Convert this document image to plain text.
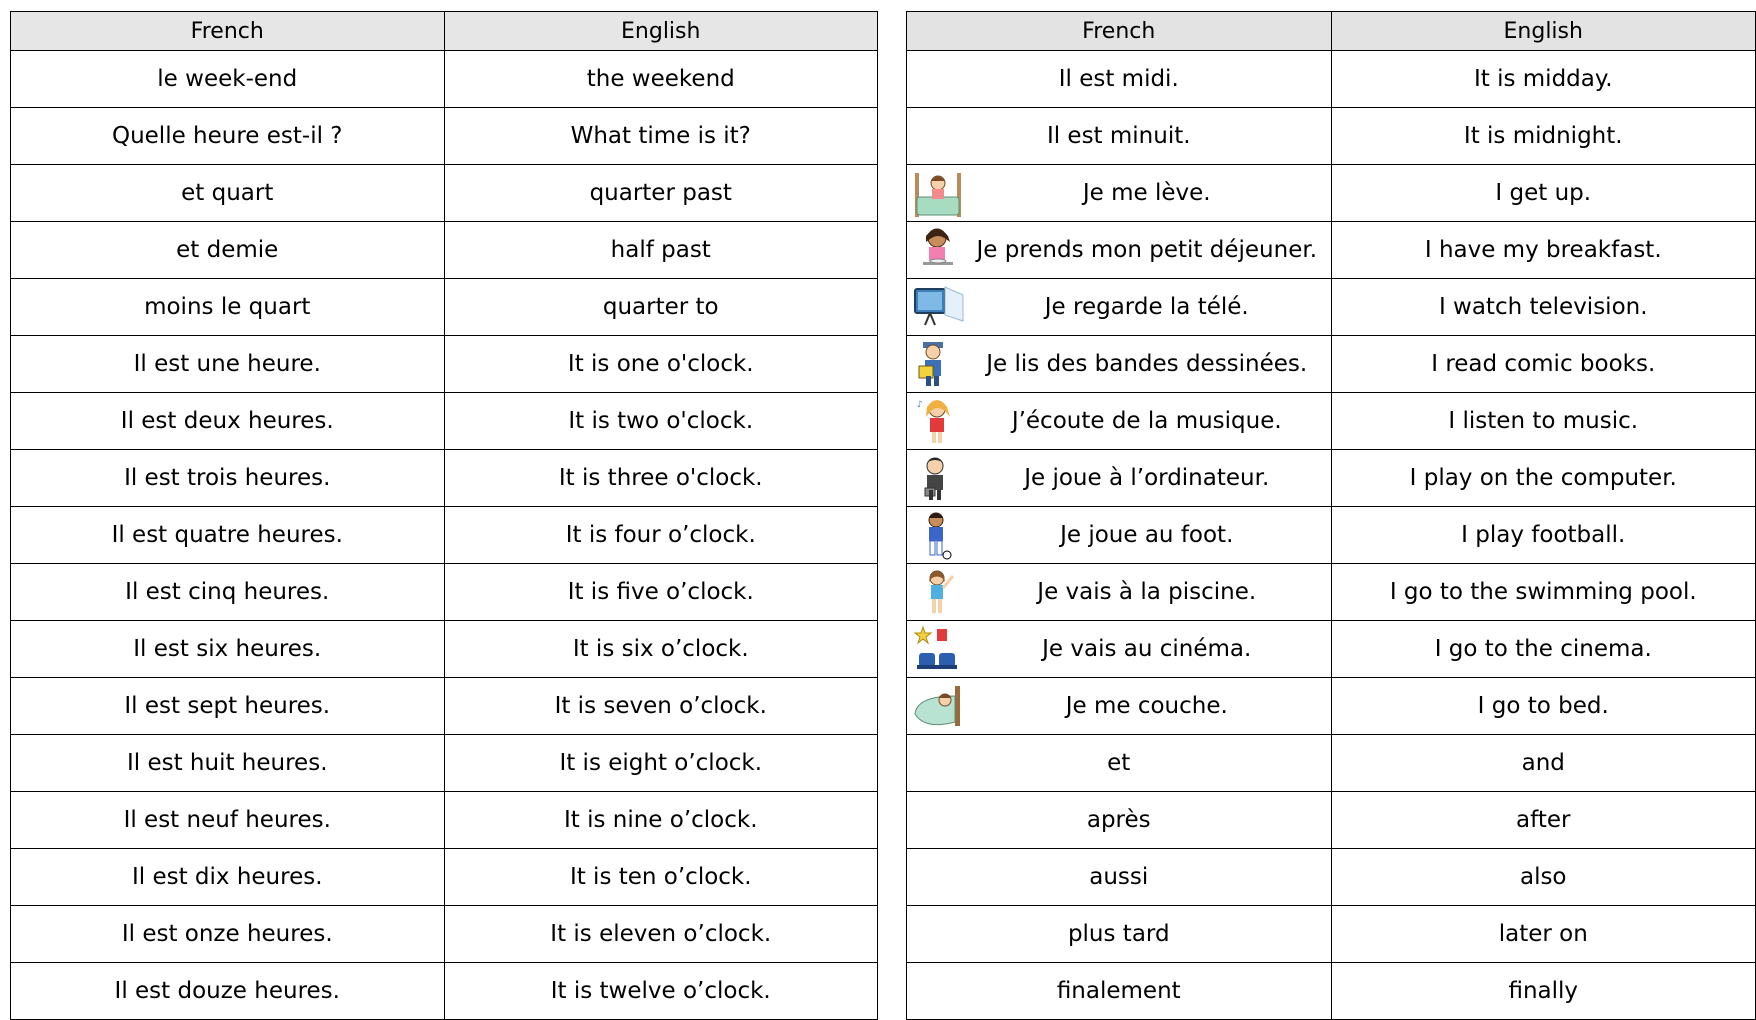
French	English
le week-end	the weekend
Quelle heure est-il ?	What time is it?
et quart	quarter past
et demie	half past
moins le quart	quarter to
Il est une heure.	It is one o'clock.
Il est deux heures.	It is two o'clock.
Il est trois heures.	It is three o'clock.
Il est quatre heures.	It is four o’clock.
Il est cinq heures.	It is five o’clock.
Il est six heures.	It is six o’clock.
Il est sept heures.	It is seven o’clock.
Il est huit heures.	It is eight o’clock.
Il est neuf heures.	It is nine o’clock.
Il est dix heures.	It is ten o’clock.
Il est onze heures.	It is eleven o’clock.
Il est douze heures.	It is twelve o’clock.
French	English
Il est midi.	It is midday.
Il est minuit.	It is midnight.

Je me lève.	I get up.

Je prends mon petit déjeuner.	I have my breakfast.

Je regarde la télé.	I watch television.

Je lis des bandes dessinées.	I read comic books.

♪
J’écoute de la musique.	I listen to music.

Je joue à l’ordinateur.	I play on the computer.

Je joue au foot.	I play football.

Je vais à la piscine.	I go to the swimming pool.

Je vais au cinéma.	I go to the cinema.

Je me couche.	I go to bed.
et	and
après	after
aussi	also
plus tard	later on
finalement	finally
